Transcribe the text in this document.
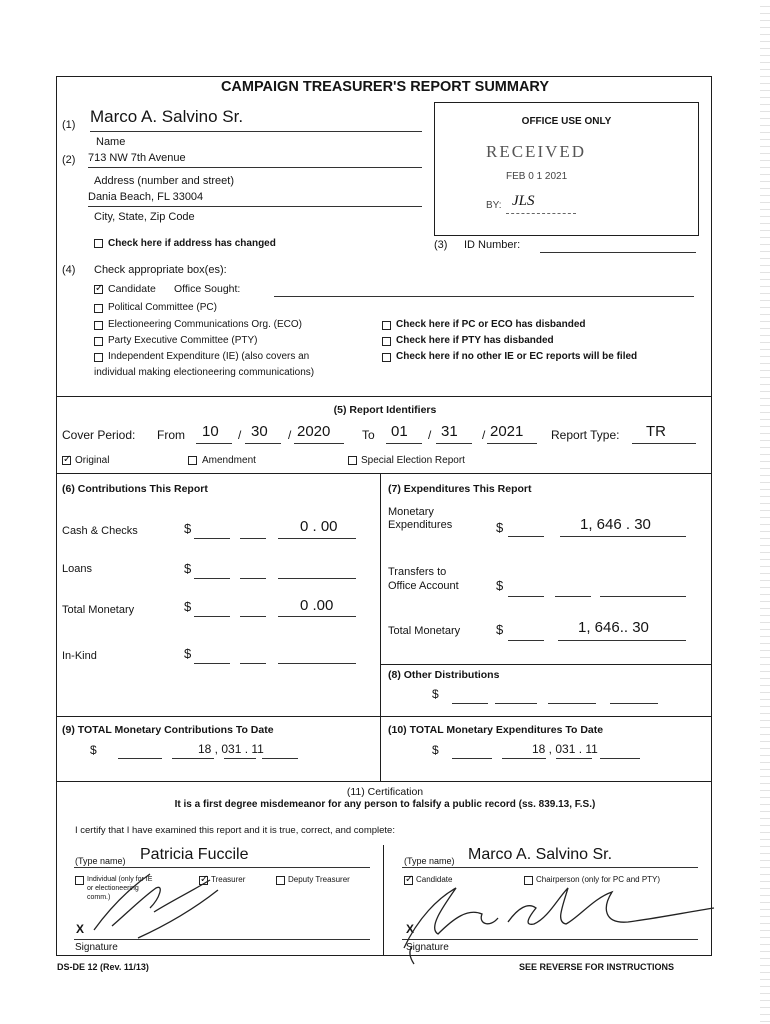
CAMPAIGN TREASURER'S REPORT SUMMARY
(1) Marco A. Salvino Sr.
Name
(2) 713 NW 7th Avenue
Address (number and street)
Dania Beach, FL 33004
City, State, Zip Code
Check here if address has changed
OFFICE USE ONLY
RECEIVED
FEB 0 1 2021
BY: JLS
(3) ID Number:
(4) Check appropriate box(es):
✓
Candidate Office Sought:
Political Committee (PC)
Electioneering Communications Org. (ECO)
Party Executive Committee (PTY)
Independent Expenditure (IE) (also covers an
individual making electioneering communications)
Check here if PC or ECO has disbanded
Check here if PTY has disbanded
Check here if no other IE or EC reports will be filed
(5) Report Identifiers
Cover Period: From 10 / 30 / 2020	To 01 / 31 / 2021 Report Type: TR
✓
Original	Amendment	Special Election Report
(6) Contributions This Report
Cash & Checks	$	0 . 00
Loans	$
Total Monetary	$	0 .00
In-Kind	$
(7) Expenditures This Report
Monetary
Expenditures	$	1, 646 . 30
Transfers to
Office Account	$
Total Monetary	$	1, 646.. 30
(8) Other Distributions
$
(9) TOTAL Monetary Contributions To Date
$	18 , 031 . 11
(10) TOTAL Monetary Expenditures To Date
$	18 , 031 . 11
(11) Certification
It is a first degree misdemeanor for any person to falsify a public record (ss. 839.13, F.S.)
I certify that I have examined this report and it is true, correct, and complete:
(Type name) Patricia Fuccile
Individual (only for IE or electioneering comm.)
✓
Treasurer	Deputy Treasurer
X
Signature
(Type name) Marco A. Salvino Sr.
✓
Candidate	Chairperson (only for PC and PTY)
X
Signature
DS-DE 12 (Rev. 11/13)	SEE REVERSE FOR INSTRUCTIONS
